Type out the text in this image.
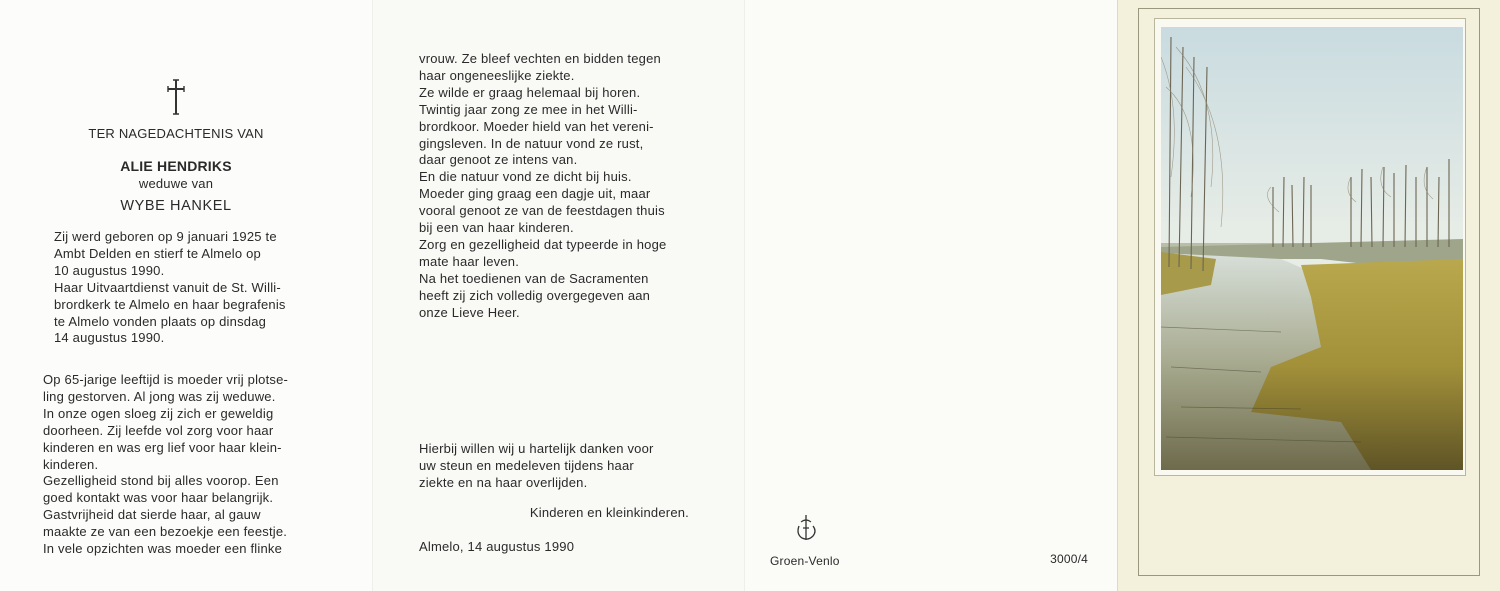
TER NAGEDACHTENIS VAN
ALIE HENDRIKS
weduwe van
WYBE HANKEL

Zij werd geboren op 9 januari 1925 te

Ambt Delden en stierf te Almelo op

10 augustus 1990.

Haar Uitvaartdienst vanuit de St. Willi-

brordkerk te Almelo en haar begrafenis

te Almelo vonden plaats op dinsdag

14 augustus 1990.

Op 65-jarige leeftijd is moeder vrij plotse-

ling gestorven. Al jong was zij weduwe.

In onze ogen sloeg zij zich er geweldig

doorheen. Zij leefde vol zorg voor haar

kinderen en was erg lief voor haar klein-

kinderen.

Gezelligheid stond bij alles voorop. Een

goed kontakt was voor haar belangrijk.

Gastvrijheid dat sierde haar, al gauw

maakte ze van een bezoekje een feestje.

In vele opzichten was moeder een flinke

vrouw. Ze bleef vechten en bidden tegen

haar ongeneeslijke ziekte.

Ze wilde er graag helemaal bij horen.

Twintig jaar zong ze mee in het Willi-

brordkoor. Moeder hield van het vereni-

gingsleven. In de natuur vond ze rust,

daar genoot ze intens van.

En die natuur vond ze dicht bij huis.

Moeder ging graag een dagje uit, maar

vooral genoot ze van de feestdagen thuis

bij een van haar kinderen.

Zorg en gezelligheid dat typeerde in hoge

mate haar leven.

Na het toedienen van de Sacramenten

heeft zij zich volledig overgegeven aan

onze Lieve Heer.

Hierbij willen wij u hartelijk danken voor

uw steun en medeleven tijdens haar

ziekte en na haar overlijden.

Kinderen en kleinkinderen.
Almelo, 14 augustus 1990
Groen-Venlo	3000/4
